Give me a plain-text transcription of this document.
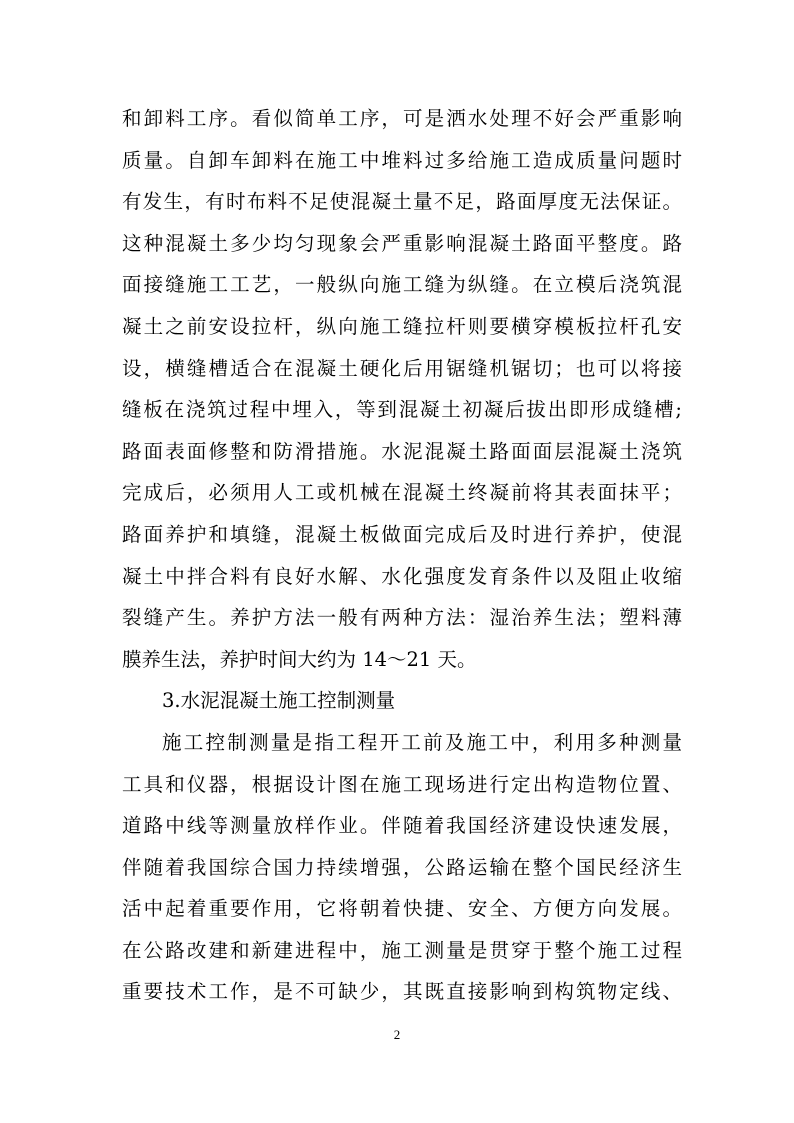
和卸料工序。看似简单工序，可是洒水处理不好会严重影响
质量。自卸车卸料在施工中堆料过多给施工造成质量问题时
有发生，有时布料不足使混凝土量不足，路面厚度无法保证。
这种混凝土多少均匀现象会严重影响混凝土路面平整度。路
面接缝施工工艺，一般纵向施工缝为纵缝。在立模后浇筑混
凝土之前安设拉杆，纵向施工缝拉杆则要横穿模板拉杆孔安
设，横缝槽适合在混凝土硬化后用锯缝机锯切；也可以将接
缝板在浇筑过程中埋入，等到混凝土初凝后拔出即形成缝槽;
路面表面修整和防滑措施。水泥混凝土路面面层混凝土浇筑
完成后，必须用人工或机械在混凝土终凝前将其表面抹平；
路面养护和填缝，混凝土板做面完成后及时进行养护，使混
凝土中拌合料有良好水解、水化强度发育条件以及阻止收缩
裂缝产生。养护方法一般有两种方法：湿治养生法；塑料薄
膜养生法，养护时间大约为 14～21 天。
3.水泥混凝土施工控制测量
施工控制测量是指工程开工前及施工中，利用多种测量
工具和仪器，根据设计图在施工现场进行定出构造物位置、
道路中线等测量放样作业。伴随着我国经济建设快速发展，
伴随着我国综合国力持续增强，公路运输在整个国民经济生
活中起着重要作用，它将朝着快捷、安全、方便方向发展。
在公路改建和新建进程中，施工测量是贯穿于整个施工过程
重要技术工作，是不可缺少，其既直接影响到构筑物定线、
2
